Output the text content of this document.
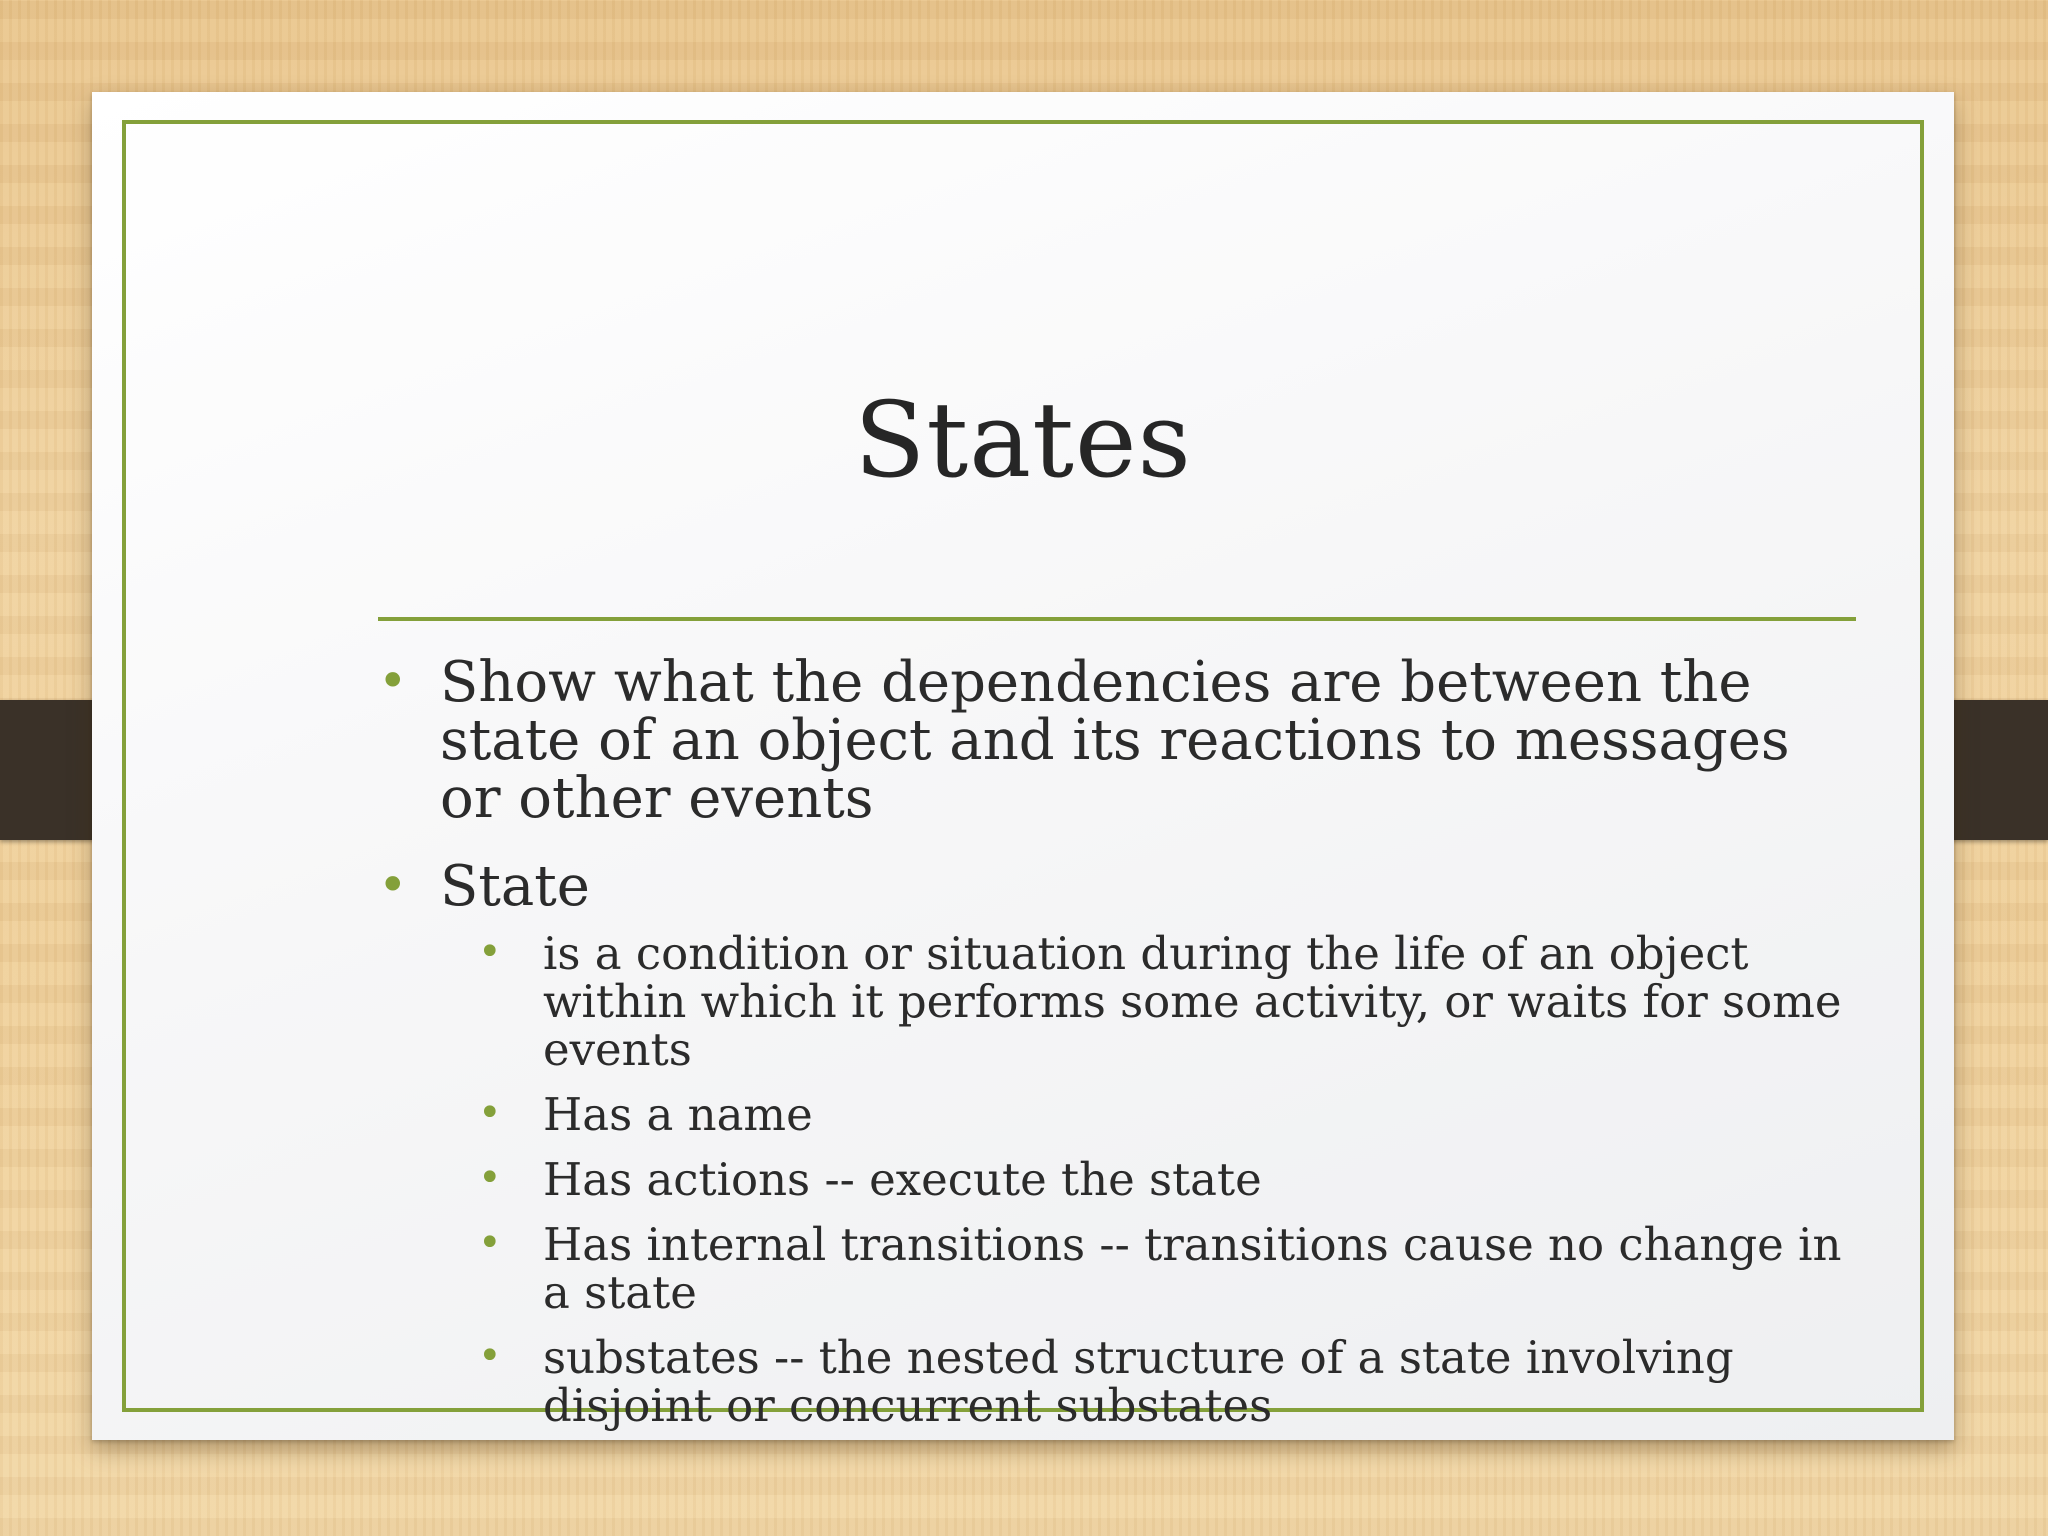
States
• Show what the dependencies are between the state of an object and its reactions to messages or other events
• State
• is a condition or situation during the life of an object within which it performs some activity, or waits for some events
• Has a name
• Has actions -- execute the state
• Has internal transitions -- transitions cause no change in a state
• substates -- the nested structure of a state involving disjoint or concurrent substates
